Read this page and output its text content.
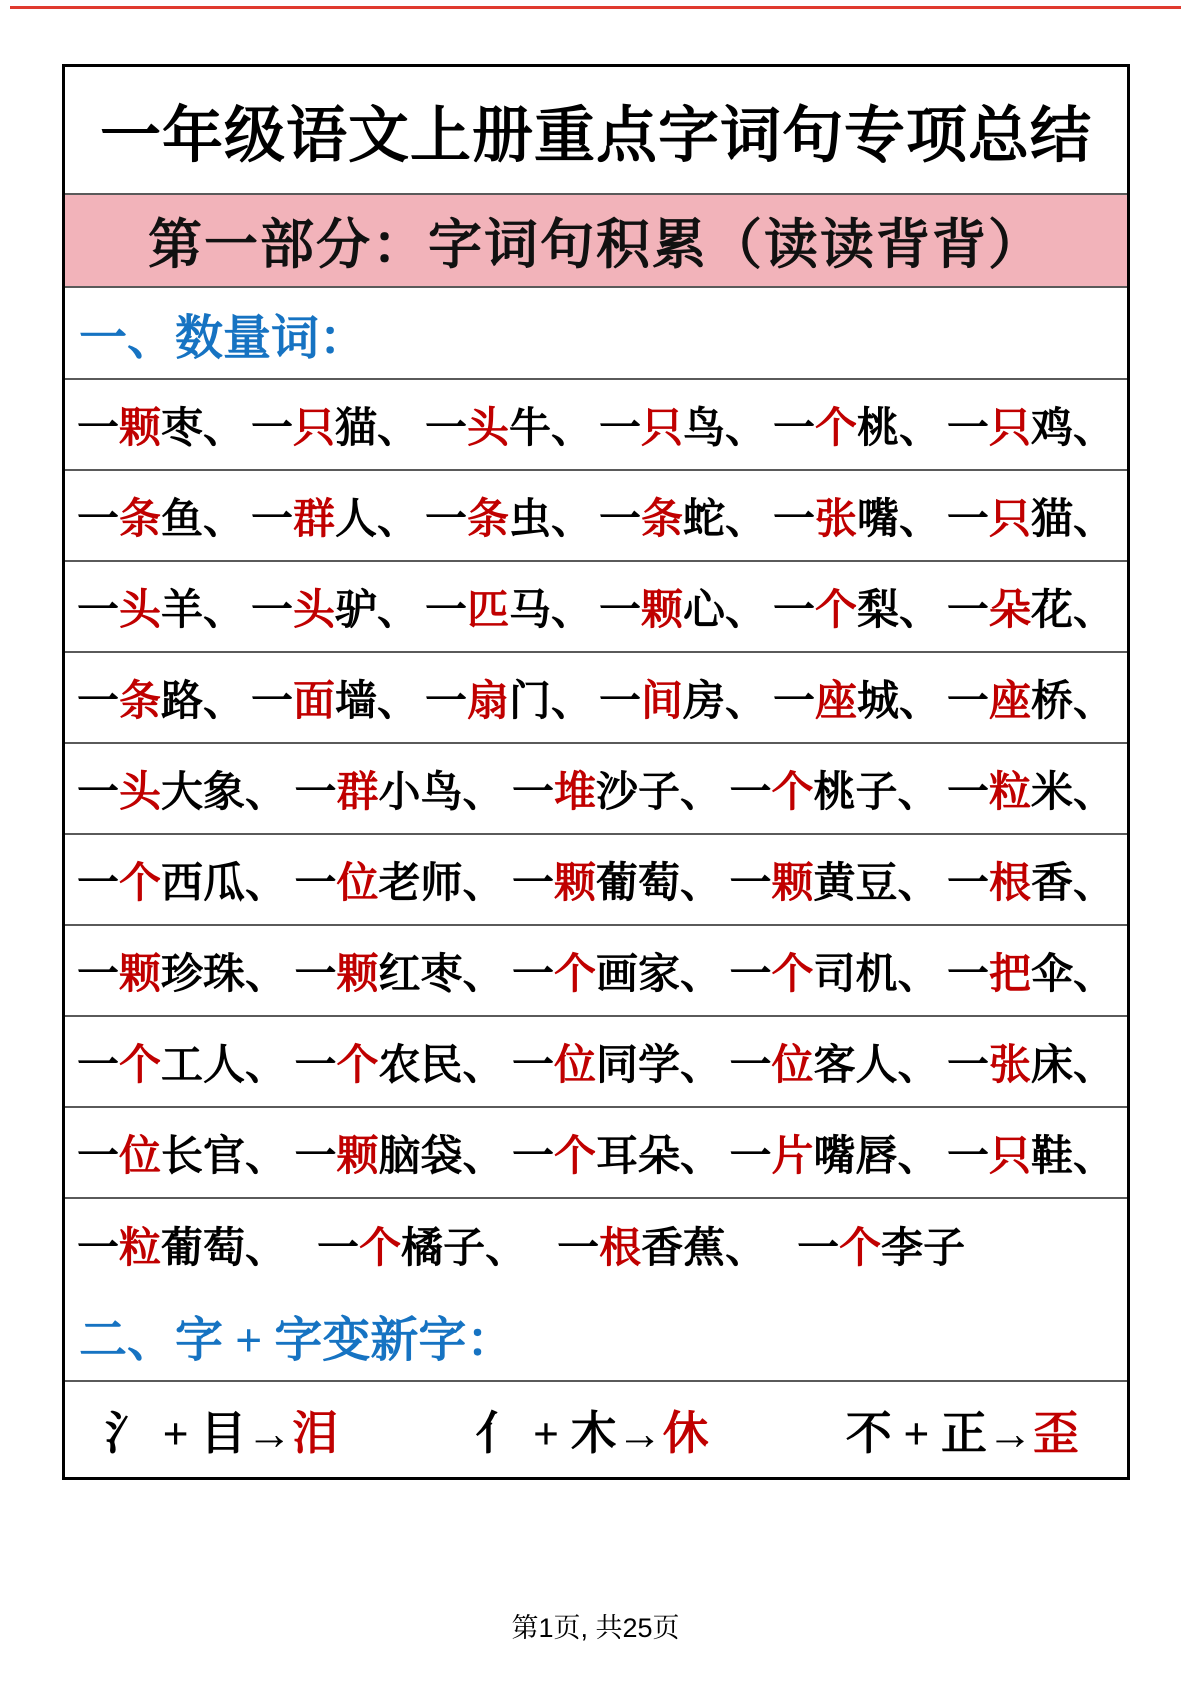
一年级语文上册重点字词句专项总结
第一部分：字词句积累（读读背背）
一、数量词：
一颗枣、 一只猫、 一头牛、 一只鸟、 一个桃、 一只鸡、
一条鱼、 一群人、 一条虫、 一条蛇、 一张嘴、 一只猫、
一头羊、 一头驴、 一匹马、 一颗心、 一个梨、 一朵花、
一条路、 一面墙、 一扇门、 一间房、 一座城、 一座桥、
一头大象、 一群小鸟、 一堆沙子、 一个桃子、 一粒米、
一个西瓜、 一位老师、 一颗葡萄、 一颗黄豆、 一根香、
一颗珍珠、 一颗红枣、 一个画家、 一个司机、 一把伞、
一个工人、 一个农民、 一位同学、 一位客人、 一张床、
一位长官、 一颗脑袋、 一个耳朵、 一片嘴唇、 一只鞋、
一粒葡萄、 一个橘子、 一根香蕉、 一个李子
二、字 + 字变新字：
氵 + 目→泪	亻 + 木→休	不 + 正→歪
第1页, 共25页
